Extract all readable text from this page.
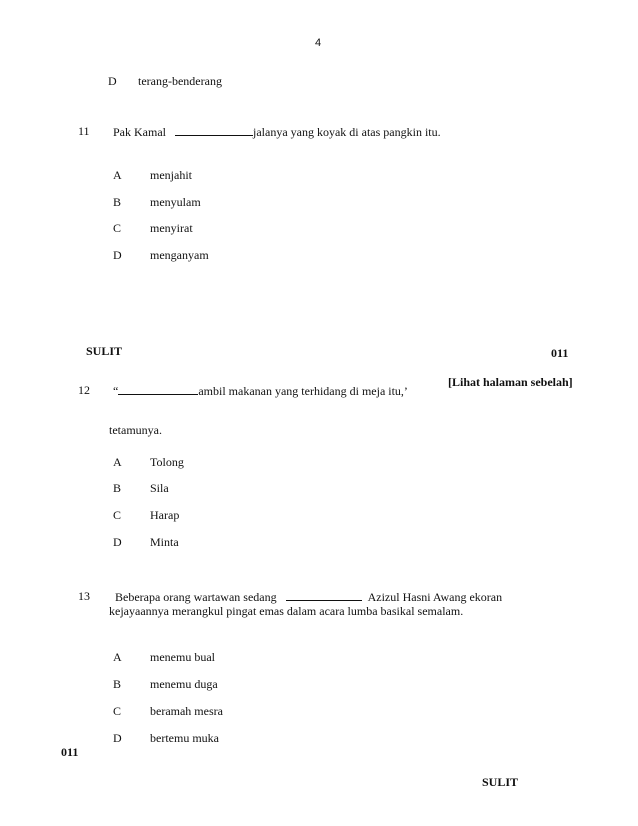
4
D terang-benderang
11 Pak Kamal	jalanya yang koyak di atas pangkin itu.
A menjahit
B menyulam
C menyirat
D menganyam
SULIT	011
[Lihat halaman sebelah]
12 “	ambil makanan yang terhidang di meja itu,’
tetamunya.
A Tolong
B Sila
C Harap
D Minta
13 Beberapa orang wartawan sedang	Azizul Hasni Awang ekoran
kejayaannya merangkul pingat emas dalam acara lumba basikal semalam.
A menemu bual
B menemu duga
C beramah mesra
D bertemu muka
011
SULIT
